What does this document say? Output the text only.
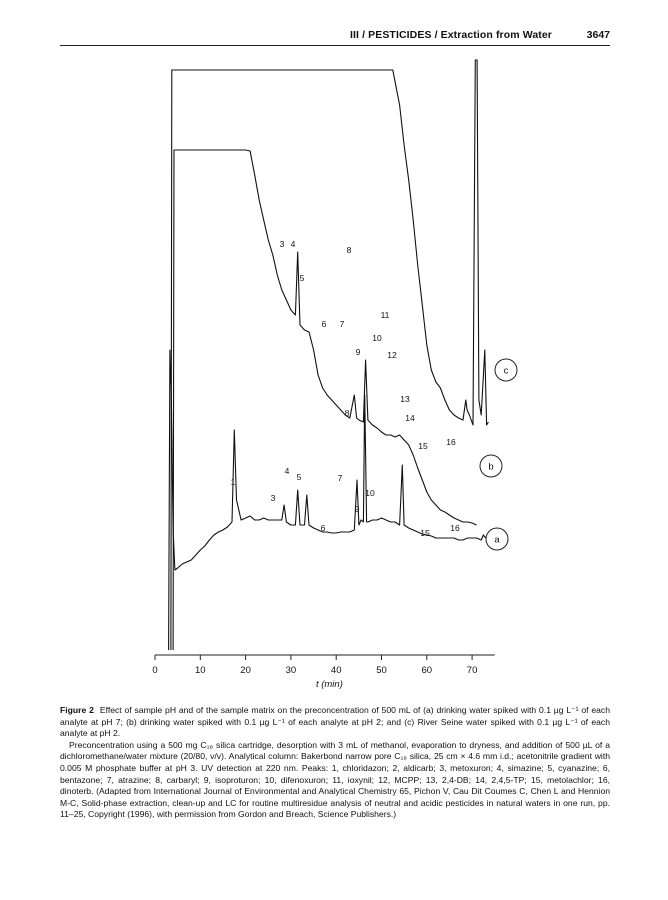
III / PESTICIDES / Extraction from Water	3647
0	10	20	30	40	50	60	70
t (min)
a
b
c
3 4
5
6 7
8
9
10
11
12
13
14
15 16
1
3
4
5
6
7
8
9
10
15 16

Figure 2 Effect of sample pH and of the sample matrix on the preconcentration of 500 mL of (a) drinking water spiked with 0.1 µg L⁻¹ of each analyte at pH 7; (b) drinking water spiked with 0.1 µg L⁻¹ of each analyte at pH 2; and (c) River Seine water spiked with 0.1 µg L⁻¹ of each analyte at pH 2.

Preconcentration using a 500 mg C₁₈ silica cartridge, desorption with 3 mL of methanol, evaporation to dryness, and addition of 500 µL of a dichloromethane/water mixture (20/80, v/v). Analytical column: Bakerbond narrow pore C₁₈ silica, 25 cm × 4.6 mm i.d.; acetonitrile gradient with 0.005 M phosphate buffer at pH 3. UV detection at 220 nm. Peaks: 1, chloridazon; 2, aldicarb; 3, metoxuron; 4, simazine; 5, cyanazine; 6, bentazone; 7, atrazine; 8, carbaryl; 9, isoproturon; 10, difenoxuron; 11, ioxynil; 12, MCPP; 13, 2,4-DB; 14, 2,4,5-TP; 15, metolachlor; 16, dinoterb. (Adapted from International Journal of Environmental and Analytical Chemistry 65, Pichon V, Cau Dit Coumes C, Chen L and Hennion M-C, Solid-phase extraction, clean-up and LC for routine multiresidue analysis of neutral and acidic pesticides in natural waters in one run, pp. 11–25, Copyright (1996), with permission from Gordon and Breach, Science Publishers.)
